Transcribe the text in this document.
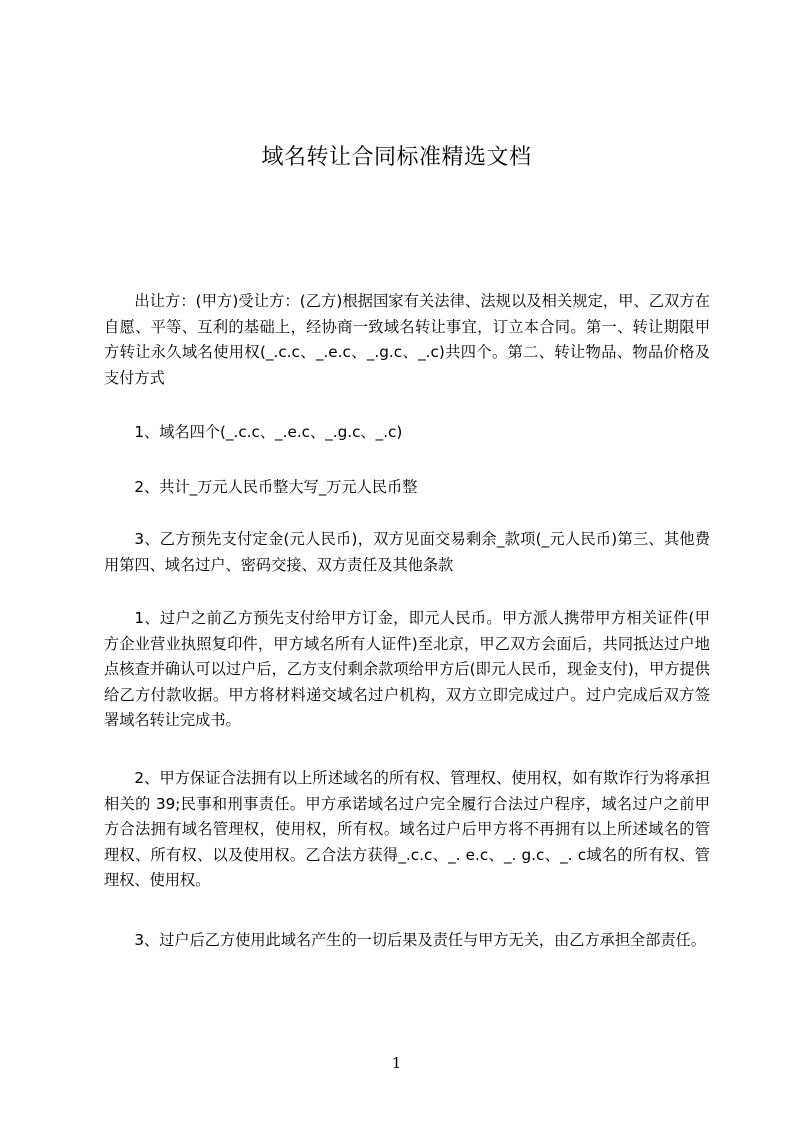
域名转让合同标准精选文档

出让方：(甲方)受让方：(乙方)根据国家有关法律、法规以及相关规定，甲、乙双方在自愿、平等、互利的基础上，经协商一致域名转让事宜，订立本合同。第一、转让期限甲方转让永久域名使用权(_.c.c、_.e.c、_.g.c、_.c)共四个。第二、转让物品、物品价格及支付方式

1、域名四个(_.c.c、_.e.c、_.g.c、_.c)

2、共计_万元人民币整大写_万元人民币整

3、乙方预先支付定金(元人民币)，双方见面交易剩余_款项(_元人民币)第三、其他费用第四、域名过户、密码交接、双方责任及其他条款

1、过户之前乙方预先支付给甲方订金，即元人民币。甲方派人携带甲方相关证件(甲方企业营业执照复印件，甲方域名所有人证件)至北京，甲乙双方会面后，共同抵达过户地点核查并确认可以过户后，乙方支付剩余款项给甲方后(即元人民币，现金支付)，甲方提供给乙方付款收据。甲方将材料递交域名过户机构，双方立即完成过户。过户完成后双方签署域名转让完成书。

2、甲方保证合法拥有以上所述域名的所有权、管理权、使用权，如有欺诈行为将承担相关的 39;民事和刑事责任。甲方承诺域名过户完全履行合法过户程序，域名过户之前甲方合法拥有域名管理权，使用权，所有权。域名过户后甲方将不再拥有以上所述域名的管理权、所有权、以及使用权。乙合法方获得_.c.c、_. e.c、_. g.c、_. c域名的所有权、管理权、使用权。

3、过户后乙方使用此域名产生的一切后果及责任与甲方无关，由乙方承担全部责任。

1
